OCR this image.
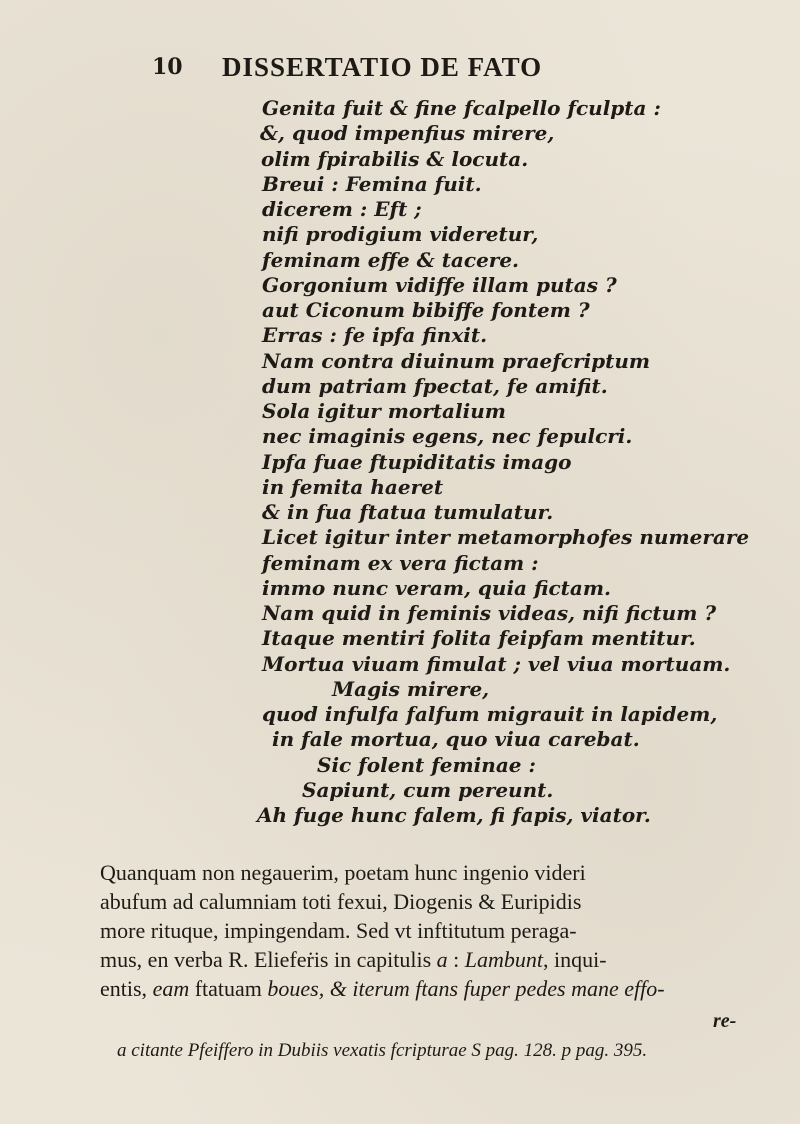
10 DISSERTATIO DE FATO
Genita fuit & fine fcalpello fculpta :
&, quod impenfius mirere,
olim fpirabilis & locuta.
Breui : Femina fuit.
dicerem : Eft ;
nifi prodigium videretur,
feminam effe & tacere.
Gorgonium vidiffe illam putas ?
aut Ciconum bibiffe fontem ?
Erras : fe ipfa finxit.
Nam contra diuinum praefcriptum
dum patriam fpectat, fe amifit.
Sola igitur mortalium
nec imaginis egens, nec fepulcri.
Ipfa fuae ftupiditatis imago
in femita haeret
& in fua ftatua tumulatur.
Licet igitur inter metamorphofes numerare
feminam ex vera fictam :
immo nunc veram, quia fictam.
Nam quid in feminis videas, nifi fictum ?
Itaque mentiri folita feipfam mentitur.
Mortua viuam fimulat ; vel viua mortuam.
Magis mirere,
quod infulfa falfum migrauit in lapidem,
in fale mortua, quo viua carebat.
Sic folent feminae :
Sapiunt, cum pereunt.
Ah fuge hunc falem, fi fapis, viator.
Quanquam non negauerim, poetam hunc ingenio videri
abufum ad calumniam toti fexui, Diogenis & Euripidis
more rituque, impingendam. Sed vt inftitutum peraga-
mus, en verba R. Eliefeṙis in capitulis a : Lambunt, inqui-
entis, eam ftatuam boues, & iterum ftans fuper pedes mane effo-
re-
a citante Pfeiffero in Dubiis vexatis fcripturae S pag. 128. p pag. 395.
